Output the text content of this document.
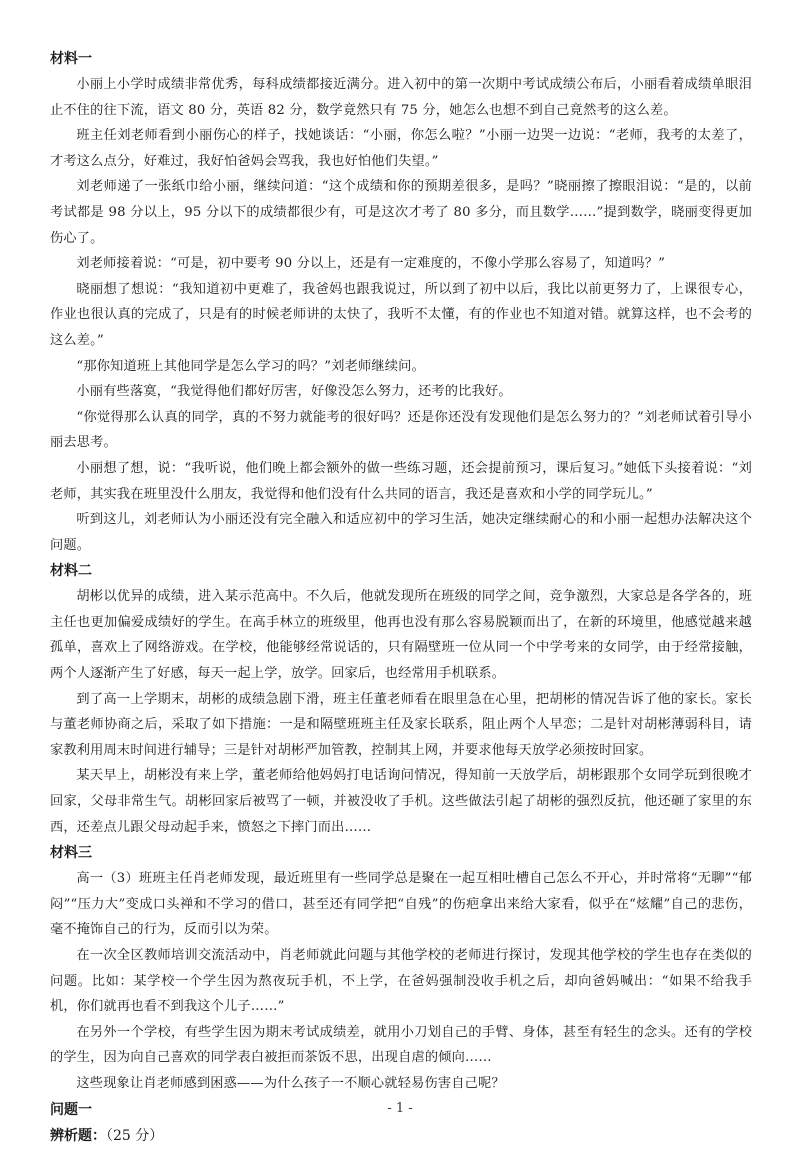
材料一

小丽上小学时成绩非常优秀，每科成绩都接近满分。进入初中的第一次期中考试成绩公布后，小丽看着成绩单眼泪止不住的往下流，语文 80 分，英语 82 分，数学竟然只有 75 分，她怎么也想不到自己竟然考的这么差。

班主任刘老师看到小丽伤心的样子，找她谈话：“小丽，你怎么啦？”小丽一边哭一边说：“老师，我考的太差了，才考这么点分，好难过，我好怕爸妈会骂我，我也好怕他们失望。”

刘老师递了一张纸巾给小丽，继续问道：“这个成绩和你的预期差很多，是吗？”晓丽擦了擦眼泪说：“是的，以前考试都是 98 分以上，95 分以下的成绩都很少有，可是这次才考了 80 多分，而且数学……”提到数学，晓丽变得更加伤心了。

刘老师接着说：“可是，初中要考 90 分以上，还是有一定难度的，不像小学那么容易了，知道吗？”

晓丽想了想说：“我知道初中更难了，我爸妈也跟我说过，所以到了初中以后，我比以前更努力了，上课很专心，作业也很认真的完成了，只是有的时候老师讲的太快了，我听不太懂，有的作业也不知道对错。就算这样，也不会考的这么差。”

“那你知道班上其他同学是怎么学习的吗？”刘老师继续问。

小丽有些落寞，“我觉得他们都好厉害，好像没怎么努力，还考的比我好。

“你觉得那么认真的同学，真的不努力就能考的很好吗？还是你还没有发现他们是怎么努力的？”刘老师试着引导小丽去思考。

小丽想了想，说：“我听说，他们晚上都会额外的做一些练习题，还会提前预习，课后复习。”她低下头接着说：“刘老师，其实我在班里没什么朋友，我觉得和他们没有什么共同的语言，我还是喜欢和小学的同学玩儿。”

听到这儿，刘老师认为小丽还没有完全融入和适应初中的学习生活，她决定继续耐心的和小丽一起想办法解决这个问题。

材料二

胡彬以优异的成绩，进入某示范高中。不久后，他就发现所在班级的同学之间，竞争激烈，大家总是各学各的，班主任也更加偏爱成绩好的学生。在高手林立的班级里，他再也没有那么容易脱颖而出了，在新的环境里，他感觉越来越孤单，喜欢上了网络游戏。在学校，他能够经常说话的，只有隔壁班一位从同一个中学考来的女同学，由于经常接触，两个人逐渐产生了好感，每天一起上学，放学。回家后，也经常用手机联系。

到了高一上学期末，胡彬的成绩急剧下滑，班主任董老师看在眼里急在心里，把胡彬的情况告诉了他的家长。家长与董老师协商之后，采取了如下措施：一是和隔壁班班主任及家长联系，阻止两个人早恋；二是针对胡彬薄弱科目，请家教利用周末时间进行辅导；三是针对胡彬严加管教，控制其上网，并要求他每天放学必须按时回家。

某天早上，胡彬没有来上学，董老师给他妈妈打电话询问情况，得知前一天放学后，胡彬跟那个女同学玩到很晚才回家，父母非常生气。胡彬回家后被骂了一顿，并被没收了手机。这些做法引起了胡彬的强烈反抗，他还砸了家里的东西，还差点儿跟父母动起手来，愤怒之下摔门而出……

材料三

高一（3）班班主任肖老师发现，最近班里有一些同学总是聚在一起互相吐槽自己怎么不开心，并时常将“无聊”“郁闷”“压力大”变成口头禅和不学习的借口，甚至还有同学把“自残”的伤疤拿出来给大家看，似乎在“炫耀”自己的悲伤，毫不掩饰自己的行为，反而引以为荣。

在一次全区教师培训交流活动中，肖老师就此问题与其他学校的老师进行探讨，发现其他学校的学生也存在类似的问题。比如：某学校一个学生因为熬夜玩手机，不上学，在爸妈强制没收手机之后，却向爸妈喊出：“如果不给我手机，你们就再也看不到我这个儿子……”

在另外一个学校，有些学生因为期末考试成绩差，就用小刀划自己的手臂、身体，甚至有轻生的念头。还有的学校的学生，因为向自己喜欢的同学表白被拒而茶饭不思，出现自虐的倾向……

这些现象让肖老师感到困惑——为什么孩子一不顺心就轻易伤害自己呢？

问题一

辨析题：（25 分）

- 1 -
